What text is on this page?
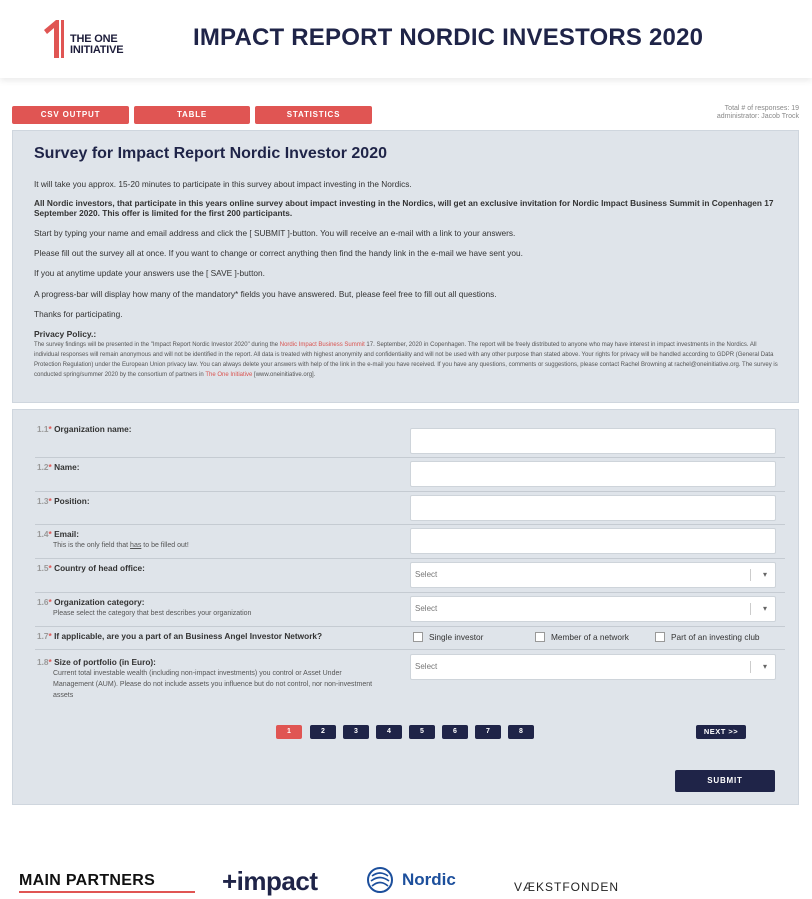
THE ONE
INITIATIVE	IMPACT REPORT NORDIC INVESTORS 2020
CSV OUTPUT	TABLE	STATISTICS
Total # of responses: 19
administrator: Jacob Trock
Survey for Impact Report Nordic Investor 2020

It will take you approx. 15-20 minutes to participate in this survey about impact investing in the Nordics.

All Nordic investors, that participate in this years online survey about impact investing in the Nordics, will get an exclusive invitation for Nordic Impact Business Summit in Copenhagen 17 September 2020. This offer is limited for the first 200 participants.

Start by typing your name and email address and click the [ SUBMIT ]-button. You will receive an e-mail with a link to your answers.

Please fill out the survey all at once. If you want to change or correct anything then find the handy link in the e-mail we have sent you.

If you at anytime update your answers use the [ SAVE ]-button.

A progress-bar will display how many of the mandatory* fields you have answered. But, please feel free to fill out all questions.

Thanks for participating.

Privacy Policy.:
The survey findings will be presented in the "Impact Report Nordic Investor 2020" during the Nordic Impact Business Summit 17. September, 2020 in Copenhagen. The report will be freely distributed to anyone who may have interest in impact investments in the Nordics. All individual responses will remain anonymous and will not be identified in the report. All data is treated with highest anonymity and confidentiality and will not be used with any other purpose than stated above. Your rights for privacy will be handled according to GDPR (General Data Protection Regulation) under the European Union privacy law. You can always delete your answers with help of the link in the e-mail you have received. If you have any questions, comments or suggestions, please contact Rachel Browning at rachel@oneinitiative.org. The survey is conducted spring/summer 2020 by the consortium of partners in The One Initiative [www.oneinitiative.org].
1.1* Organization name:
1.2* Name:
1.3* Position:
1.4* Email:
This is the only field that has to be filled out!
1.5* Country of head office:
Select	▾
1.6* Organization category:
Please select the category that best describes your organization
Select	▾
1.7* If applicable, are you a part of an Business Angel Investor Network?	Single investor	Member of a network	Part of an investing club
1.8* Size of portfolio (in Euro):
Current total investable wealth (including non-impact investments) you control or Asset Under Management (AUM). Please do not include assets you influence but do not control, nor non-investment assets
Select	▾
1	2	3	4	5	6	7	8	NEXT >>
SUBMIT
MAIN PARTNERS	+impact	Nordic	VÆKSTFONDEN
